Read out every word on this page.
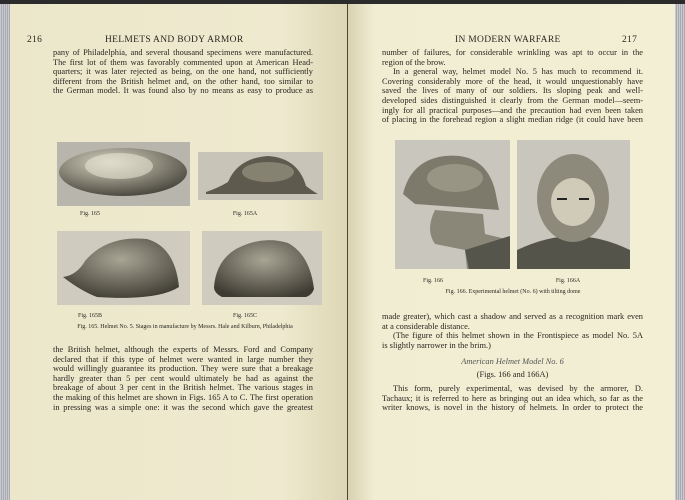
216	HELMETS AND BODY ARMOR
pany of Philadelphia, and several thousand specimens were manufactured.
The first lot of them was favorably commented upon at American Head-
quarters; it was later rejected as being, on the one hand, not sufficiently
different from the British helmet and, on the other hand, too similar to
the German model. It was found also by no means as easy to produce as
Fig. 165	Fig. 165A
Fig. 165B	Fig. 165C
Fig. 165. Helmet No. 5. Stages in manufacture by Messrs. Hale and Kilburn, Philadelphia
the British helmet, although the experts of Messrs. Ford and Company
declared that if this type of helmet were wanted in large number they
would willingly guarantee its production. They were sure that a breakage
hardly greater than 5 per cent would ultimately be had as against the
breakage of about 3 per cent in the British helmet. The various stages in
the making of this helmet are shown in Figs. 165 A to C. The first operation
in pressing was a simple one: it was the second which gave the greatest
IN MODERN WARFARE	217
number of failures, for considerable wrinkling was apt to occur in the
region of the brow.
In a general way, helmet model No. 5 has much to recommend it.
Covering considerably more of the head, it would unquestionably have
saved the lives of many of our soldiers. Its sloping peak and well-
developed sides distinguished it clearly from the German model—seem-
ingly for all practical purposes—and the precaution had even been taken
of placing in the forehead region a slight median ridge (it could have been
Fig. 166	Fig. 166A
Fig. 166. Experimental helmet (No. 6) with tilting dome
made greater), which cast a shadow and served as a recognition mark even
at a considerable distance.
(The figure of this helmet shown in the Frontispiece as model No. 5A
is slightly narrower in the brim.)
American Helmet Model No. 6
(Figs. 166 and 166A)
This form, purely experimental, was devised by the armorer, D.
Tachaux; it is referred to here as bringing out an idea which, so far as the
writer knows, is novel in the history of helmets. In order to protect the
